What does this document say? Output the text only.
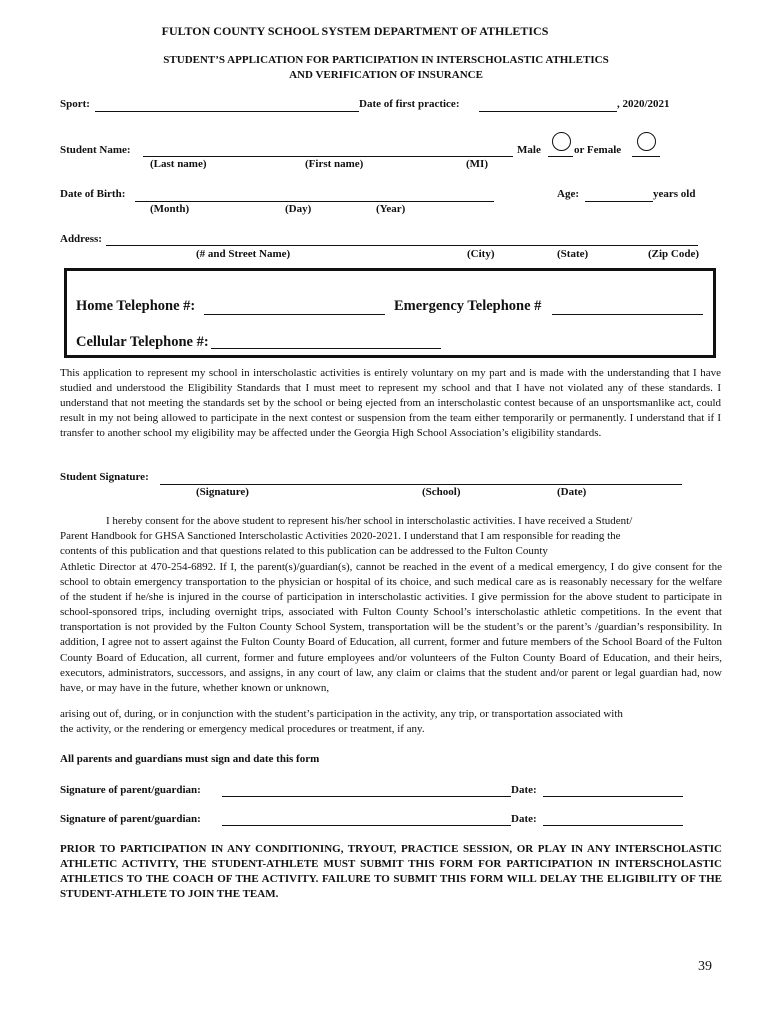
FULTON COUNTY SCHOOL SYSTEM DEPARTMENT OF ATHLETICS
STUDENT’S APPLICATION FOR PARTICIPATION IN INTERSCHOLASTIC ATHLETICS
AND VERIFICATION OF INSURANCE
Sport:	Date of first practice:	, 2020/2021
Student Name:	Male	or Female
(Last name)	(First name)	(MI)
Date of Birth:	Age:	years old
(Month)	(Day)	(Year)
Address:
(# and Street Name)	(City)	(State)	(Zip Code)
Home Telephone #:	Emergency Telephone #
Cellular Telephone #:
This application to represent my school in interscholastic activities is entirely voluntary on my part and is made with the understanding that I have studied and understood the Eligibility Standards that I must meet to represent my school and that I have not violated any of these standards. I understand that not meeting the standards set by the school or being ejected from an interscholastic contest because of an unsportsmanlike act, could result in my not being allowed to participate in the next contest or suspension from the team either temporarily or permanently. I understand that if I transfer to another school my eligibility may be affected under the Georgia High School Association’s eligibility standards.
Student Signature:
(Signature)	(School)	(Date)
I hereby consent for the above student to represent his/her school in interscholastic activities. I have received a Student/
Parent Handbook for GHSA Sanctioned Interscholastic Activities 2020-2021. I understand that I am responsible for reading the
contents of this publication and that questions related to this publication can be addressed to the Fulton County
Athletic Director at 470-254-6892. If I, the parent(s)/guardian(s), cannot be reached in the event of a medical emergency, I do give consent for the school to obtain emergency transportation to the physician or hospital of its choice, and such medical care as is reasonably necessary for the welfare of the student if he/she is injured in the course of participation in interscholastic activities. I give permission for the above student to participate in school-sponsored trips, including overnight trips, associated with Fulton County School’s interscholastic athletic competitions. In the event that transportation is not provided by the Fulton County School System, transportation will be the student’s or the parent’s /guardian’s responsibility. In addition, I agree not to assert against the Fulton County Board of Education, all current, former and future members of the School Board of the Fulton County Board of Education, all current, former and future employees and/or volunteers of the Fulton County Board of Education, and their heirs, executors, administrators, successors, and assigns, in any court of law, any claim or claims that the student and/or parent or legal guardian had, now have, or may have in the future, whether known or unknown,
arising out of, during, or in conjunction with the student’s participation in the activity, any trip, or transportation associated with
the activity, or the rendering or emergency medical procedures or treatment, if any.
All parents and guardians must sign and date this form
Signature of parent/guardian:	Date:
Signature of parent/guardian:	Date:
PRIOR TO PARTICIPATION IN ANY CONDITIONING, TRYOUT, PRACTICE SESSION, OR PLAY IN ANY INTERSCHOLASTIC ATHLETIC ACTIVITY, THE STUDENT-ATHLETE MUST SUBMIT THIS FORM FOR PARTICIPATION IN INTERSCHOLASTIC ATHLETICS TO THE COACH OF THE ACTIVITY. FAILURE TO SUBMIT THIS FORM WILL DELAY THE ELIGIBILITY OF THE STUDENT-ATHLETE TO JOIN THE TEAM.
39
